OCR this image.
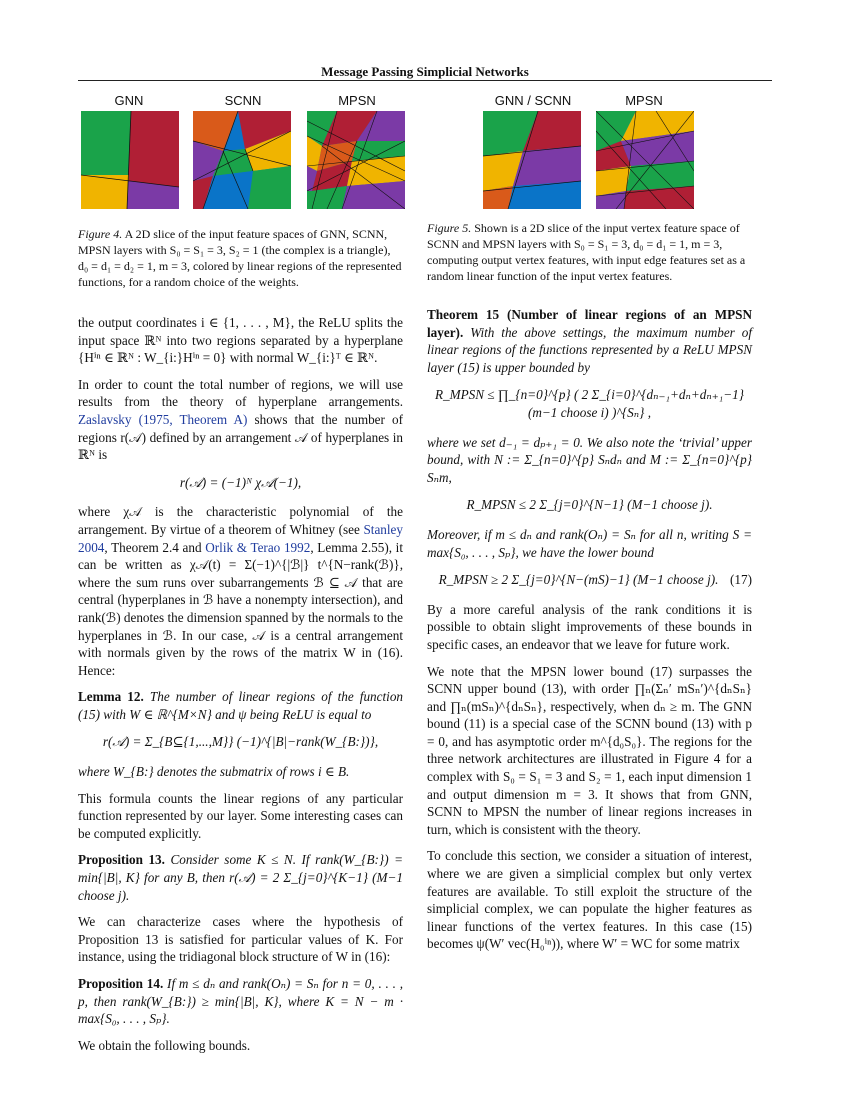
Message Passing Simplicial Networks
GNN	SCNN	MPSN	GNN / SCNN	MPSN

Figure 4. A 2D slice of the input feature spaces of GNN, SCNN, MPSN layers with S₀ = S₁ = 3, S₂ = 1 (the complex is a triangle), d₀ = d₁ = d₂ = 1, m = 3, colored by linear regions of the represented functions, for a random choice of the weights.

Figure 5. Shown is a 2D slice of the input vertex feature space of SCNN and MPSN layers with S₀ = S₁ = 3, d₀ = d₁ = 1, m = 3, computing output vertex features, with input edge features set as a random linear function of the input vertex features.

the output coordinates i ∈ {1, . . . , M}, the ReLU splits the input space ℝᴺ into two regions separated by a hyperplane {Hⁱⁿ ∈ ℝᴺ : W_{i:}Hⁱⁿ = 0} with normal W_{i:}ᵀ ∈ ℝᴺ.

In order to count the total number of regions, we will use results from the theory of hyperplane arrangements. Zaslavsky (1975, Theorem A) shows that the number of regions r(𝒜) defined by an arrangement 𝒜 of hyperplanes in ℝᴺ is

r(𝒜) = (−1)ᴺ χ𝒜(−1),

where χ𝒜 is the characteristic polynomial of the arrangement. By virtue of a theorem of Whitney (see Stanley 2004, Theorem 2.4 and Orlik & Terao 1992, Lemma 2.55), it can be written as χ𝒜(t) = Σ(−1)^{|ℬ|} t^{N−rank(ℬ)}, where the sum runs over subarrangements ℬ ⊆ 𝒜 that are central (hyperplanes in ℬ have a nonempty intersection), and rank(ℬ) denotes the dimension spanned by the normals to the hyperplanes in ℬ. In our case, 𝒜 is a central arrangement with normals given by the rows of the matrix W in (16). Hence:

Lemma 12. The number of linear regions of the function (15) with W ∈ ℝ^{M×N} and ψ being ReLU is equal to

r(𝒜) = Σ_{B⊆{1,...,M}} (−1)^{|B|−rank(W_{B:})},

where W_{B:} denotes the submatrix of rows i ∈ B.

This formula counts the linear regions of any particular function represented by our layer. Some interesting cases can be computed explicitly.

Proposition 13. Consider some K ≤ N. If rank(W_{B:}) = min{|B|, K} for any B, then r(𝒜) = 2 Σ_{j=0}^{K−1} (M−1 choose j).

We can characterize cases where the hypothesis of Proposition 13 is satisfied for particular values of K. For instance, using the tridiagonal block structure of W in (16):

Proposition 14. If m ≤ dₙ and rank(Oₙ) = Sₙ for n = 0, . . . , p, then rank(W_{B:}) ≥ min{|B|, K}, where K = N − m · max{S₀, . . . , Sₚ}.

We obtain the following bounds.

Theorem 15 (Number of linear regions of an MPSN layer). With the above settings, the maximum number of linear regions of the functions represented by a ReLU MPSN layer (15) is upper bounded by

R_MPSN ≤ ∏_{n=0}^{p} ( 2 Σ_{i=0}^{dₙ₋₁+dₙ+dₙ₊₁−1} (m−1 choose i) )^{Sₙ} ,

where we set d₋₁ = dₚ₊₁ = 0. We also note the ‘trivial’ upper bound, with N := Σ_{n=0}^{p} Sₙdₙ and M := Σ_{n=0}^{p} Sₙm,

R_MPSN ≤ 2 Σ_{j=0}^{N−1} (M−1 choose j).

Moreover, if m ≤ dₙ and rank(Oₙ) = Sₙ for all n, writing S = max{S₀, . . . , Sₚ}, we have the lower bound

(17)
R_MPSN ≥ 2 Σ_{j=0}^{N−(mS)−1} (M−1 choose j).

By a more careful analysis of the rank conditions it is possible to obtain slight improvements of these bounds in specific cases, an endeavor that we leave for future work.

We note that the MPSN lower bound (17) surpasses the SCNN upper bound (13), with order ∏ₙ(Σₙ′ mSₙ′)^{dₙSₙ} and ∏ₙ(mSₙ)^{dₙSₙ}, respectively, when dₙ ≥ m. The GNN bound (11) is a special case of the SCNN bound (13) with p = 0, and has asymptotic order m^{d₀S₀}. The regions for the three network architectures are illustrated in Figure 4 for a complex with S₀ = S₁ = 3 and S₂ = 1, each input dimension 1 and output dimension m = 3. It shows that from GNN, SCNN to MPSN the number of linear regions increases in turn, which is consistent with the theory.

To conclude this section, we consider a situation of interest, where we are given a simplicial complex but only vertex features are available. To still exploit the structure of the simplicial complex, we can populate the higher features as linear functions of the vertex features. In this case (15) becomes ψ(W′ vec(H₀ⁱⁿ)), where W′ = WC for some matrix
